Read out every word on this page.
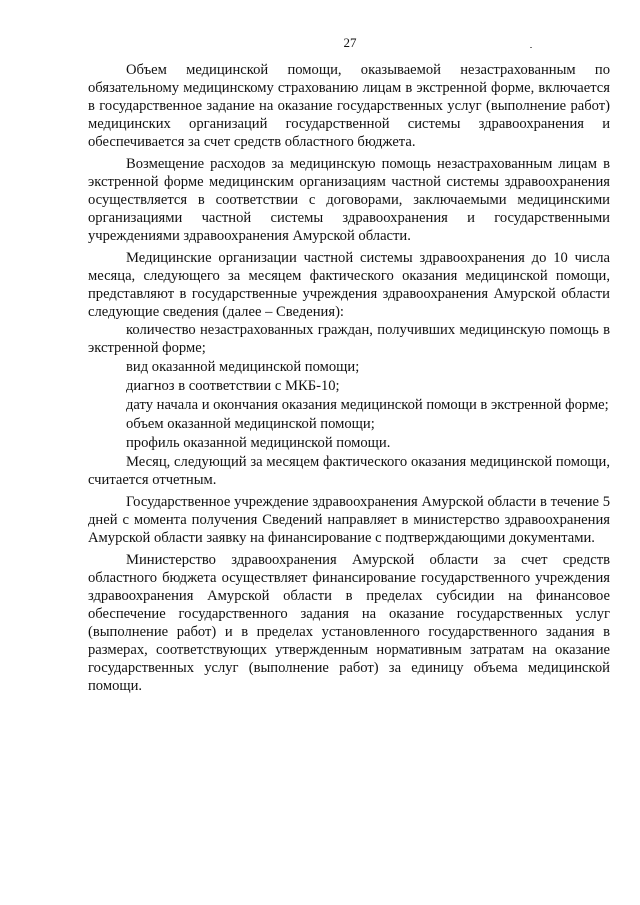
27

Объем медицинской помощи, оказываемой незастрахованным по обязательному медицинскому страхованию лицам в экстренной форме, включается в государственное задание на оказание государственных услуг (выполнение работ) медицинских организаций государственной системы здравоохранения и обеспечивается за счет средств областного бюджета.

Возмещение расходов за медицинскую помощь незастрахованным лицам в экстренной форме медицинским организациям частной системы здравоохранения осуществляется в соответствии с договорами, заключаемыми медицинскими организациями частной системы здравоохранения и государственными учреждениями здравоохранения Амурской области.

Медицинские организации частной системы здравоохранения до 10 числа месяца, следующего за месяцем фактического оказания медицинской помощи, представляют в государственные учреждения здравоохранения Амурской области следующие сведения (далее – Сведения):

количество незастрахованных граждан, получивших медицинскую помощь в экстренной форме;

вид оказанной медицинской помощи;

диагноз в соответствии с МКБ-10;

дату начала и окончания оказания медицинской помощи в экстренной форме;

объем оказанной медицинской помощи;

профиль оказанной медицинской помощи.

Месяц, следующий за месяцем фактического оказания медицинской помощи, считается отчетным.

Государственное учреждение здравоохранения Амурской области в течение 5 дней с момента получения Сведений направляет в министерство здравоохранения Амурской области заявку на финансирование с подтверждающими документами.

Министерство здравоохранения Амурской области за счет средств областного бюджета осуществляет финансирование государственного учреждения здравоохранения Амурской области в пределах субсидии на финансовое обеспечение государственного задания на оказание государственных услуг (выполнение работ) и в пределах установленного государственного задания в размерах, соответствующих утвержденным нормативным затратам на оказание государственных услуг (выполнение работ) за единицу объема медицинской помощи.
